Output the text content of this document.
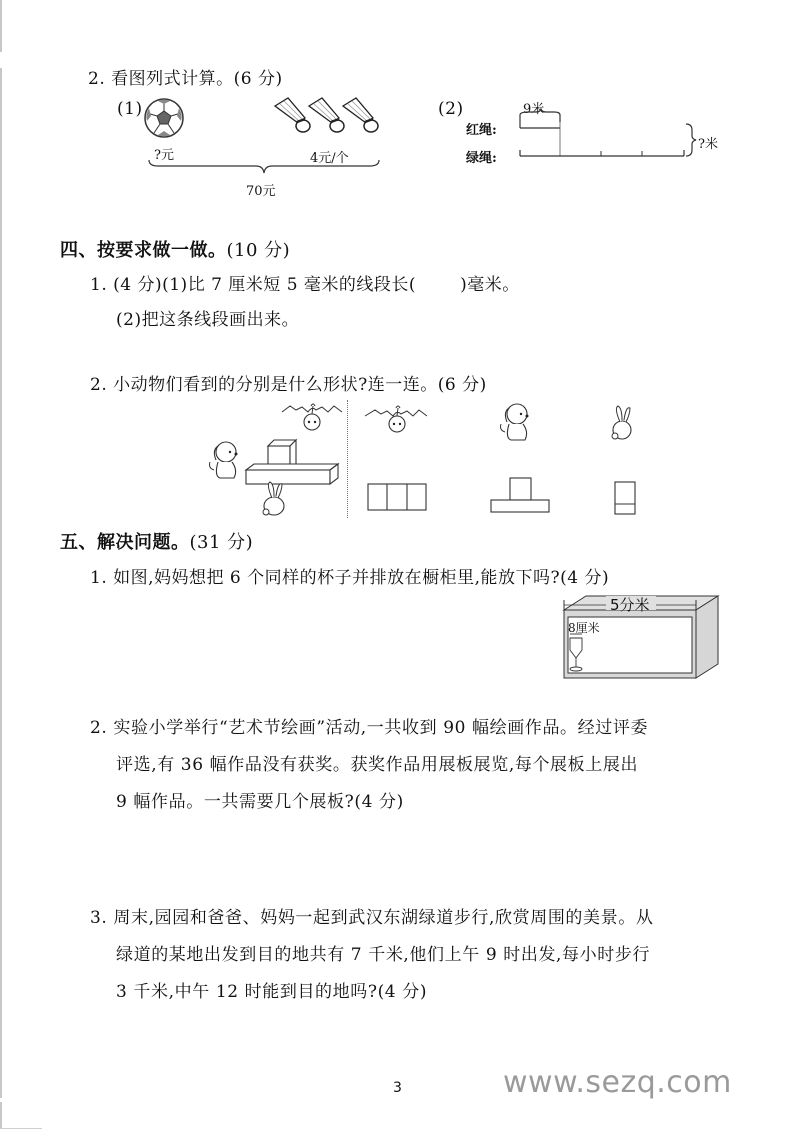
2. 看图列式计算。(6 分)
(1)
?元	4元/个
70元
(2)	9米
红绳:
绿绳:
?米
四、按要求做一做。(10 分)
1. (4 分)(1)比 7 厘米短 5 毫米的线段长(	)毫米。
(2)把这条线段画出来。
2. 小动物们看到的分别是什么形状?连一连。(6 分)
五、解决问题。(31 分)
1. 如图,妈妈想把 6 个同样的杯子并排放在橱柜里,能放下吗?(4 分)
5分米
8厘米
2. 实验小学举行“艺术节绘画”活动,一共收到 90 幅绘画作品。经过评委
评选,有 36 幅作品没有获奖。获奖作品用展板展览,每个展板上展出
9 幅作品。一共需要几个展板?(4 分)
3. 周末,园园和爸爸、妈妈一起到武汉东湖绿道步行,欣赏周围的美景。从
绿道的某地出发到目的地共有 7 千米,他们上午 9 时出发,每小时步行
3 千米,中午 12 时能到目的地吗?(4 分)
3	www.sezq.com
